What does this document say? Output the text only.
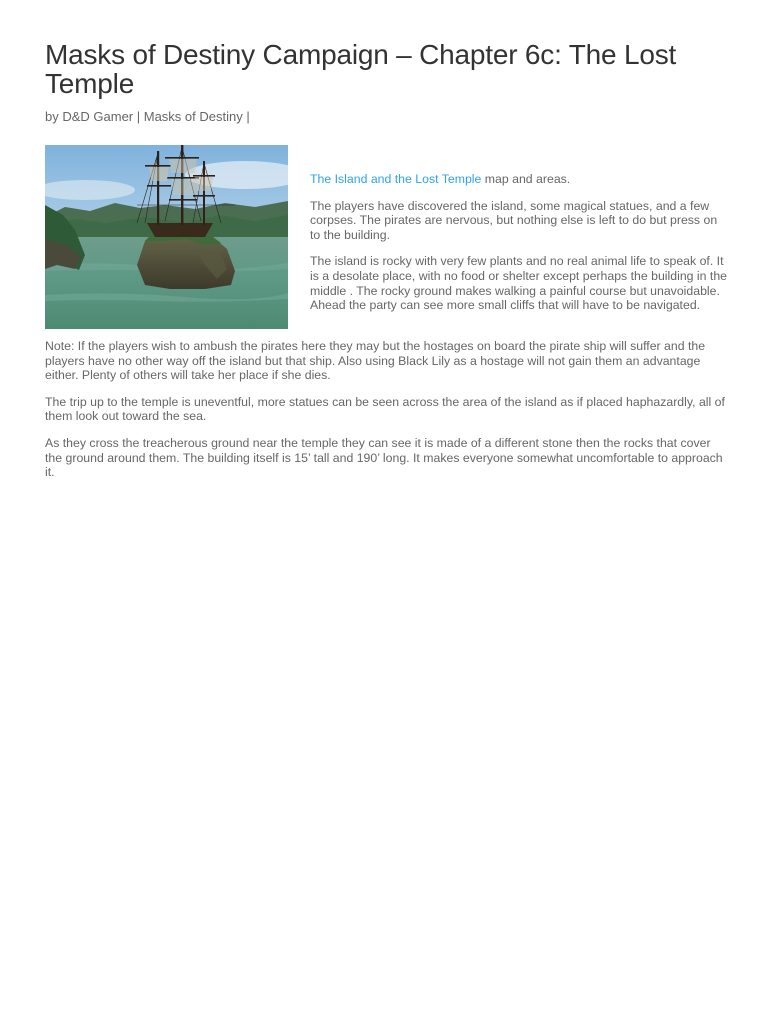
Masks of Destiny Campaign – Chapter 6c: The Lost Temple
by D&D Gamer | Masks of Destiny |

The Island and the Lost Temple map and areas.

The players have discovered the island, some magical statues, and a few corpses. The pirates are nervous, but nothing else is left to do but press on to the building.

The island is rocky with very few plants and no real animal life to speak of. It is a desolate place, with no food or shelter except perhaps the building in the middle . The rocky ground makes walking a painful course but unavoidable. Ahead the party can see more small cliffs that will have to be navigated.

Note: If the players wish to ambush the pirates here they may but the hostages on board the pirate ship will suffer and the players have no other way off the island but that ship. Also using Black Lily as a hostage will not gain them an advantage either. Plenty of others will take her place if she dies.

The trip up to the temple is uneventful, more statues can be seen across the area of the island as if placed haphazardly, all of them look out toward the sea.

As they cross the treacherous ground near the temple they can see it is made of a different stone then the rocks that cover the ground around them. The building itself is 15’ tall and 190’ long. It makes everyone somewhat uncomfortable to approach it.
